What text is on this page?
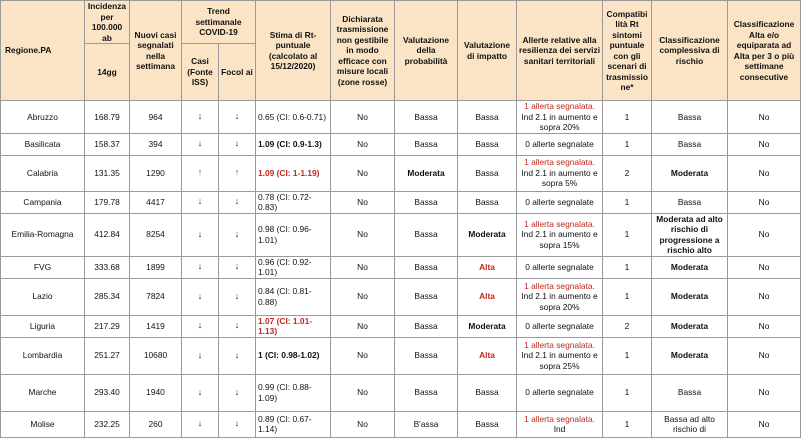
Regione.PA	Incidenza per 100.000 ab	Nuovi casi segnalati nella settimana	Trend settimanale COVID-19		Stima di Rt-puntuale (calcolato al 15/12/2020)	Dichiarata trasmissione non gestibile in modo efficace con misure locali (zone rosse)	Valutazione della probabilità	Valutazione di impatto	Allerte relative alla resilienza dei servizi sanitari territoriali	Compatibi lità Rt sintomi puntuale con gli scenari di trasmissio ne*	Classificazione complessiva di rischio	Classificazione Alta e/o equiparata ad Alta per 3 o più settimane consecutive
	14gg		Casi (Fonte ISS)	Focol ai								
Abruzzo	168.79	964	↓	↓	0.65 (CI: 0.6-0.71)	No	Bassa	Bassa	1 allerta segnalata. Ind 2.1 in aumento e sopra 20%	1	Bassa	No
Basilicata	158.37	394	↓	↓	1.09 (CI: 0.9-1.3)	No	Bassa	Bassa	0 allerte segnalate	1	Bassa	No
Calabria	131.35	1290	↑	↑	1.09 (CI: 1-1.19)	No	Moderata	Bassa	1 allerta segnalata. Ind 2.1 in aumento e sopra 5%	2	Moderata	No
Campania	179.78	4417	↓	↓	0.78 (CI: 0.72-0.83)	No	Bassa	Bassa	0 allerte segnalate	1	Bassa	No
Emilia-Romagna	412.84	8254	↓	↓	0.98 (CI: 0.96-1.01)	No	Bassa	Moderata	1 allerta segnalata. Ind 2.1 in aumento e sopra 15%	1	Moderata ad alto rischio di progressione a rischio alto	No
FVG	333.68	1899	↓	↓	0.96 (CI: 0.92-1.01)	No	Bassa	Alta	0 allerte segnalate	1	Moderata	No
Lazio	285.34	7824	↓	↓	0.84 (CI: 0.81-0.88)	No	Bassa	Alta	1 allerta segnalata. Ind 2.1 in aumento e sopra 20%	1	Moderata	No
Liguria	217.29	1419	↓	↓	1.07 (CI: 1.01-1.13)	No	Bassa	Moderata	0 allerte segnalate	2	Moderata	No
Lombardia	251.27	10680	↓	↓	1 (CI: 0.98-1.02)	No	Bassa	Alta	1 allerta segnalata. Ind 2.1 in aumento e sopra 25%	1	Moderata	No
Marche	293.40	1940	↓	↓	0.99 (CI: 0.88-1.09)	No	Bassa	Bassa	0 allerte segnalate	1	Bassa	No
Molise	232.25	260	↓	↓	0.89 (CI: 0.67-1.14)	No	B'assa	Bassa	1 allerta segnalata. Ind	1	Bassa ad alto rischio di	No
